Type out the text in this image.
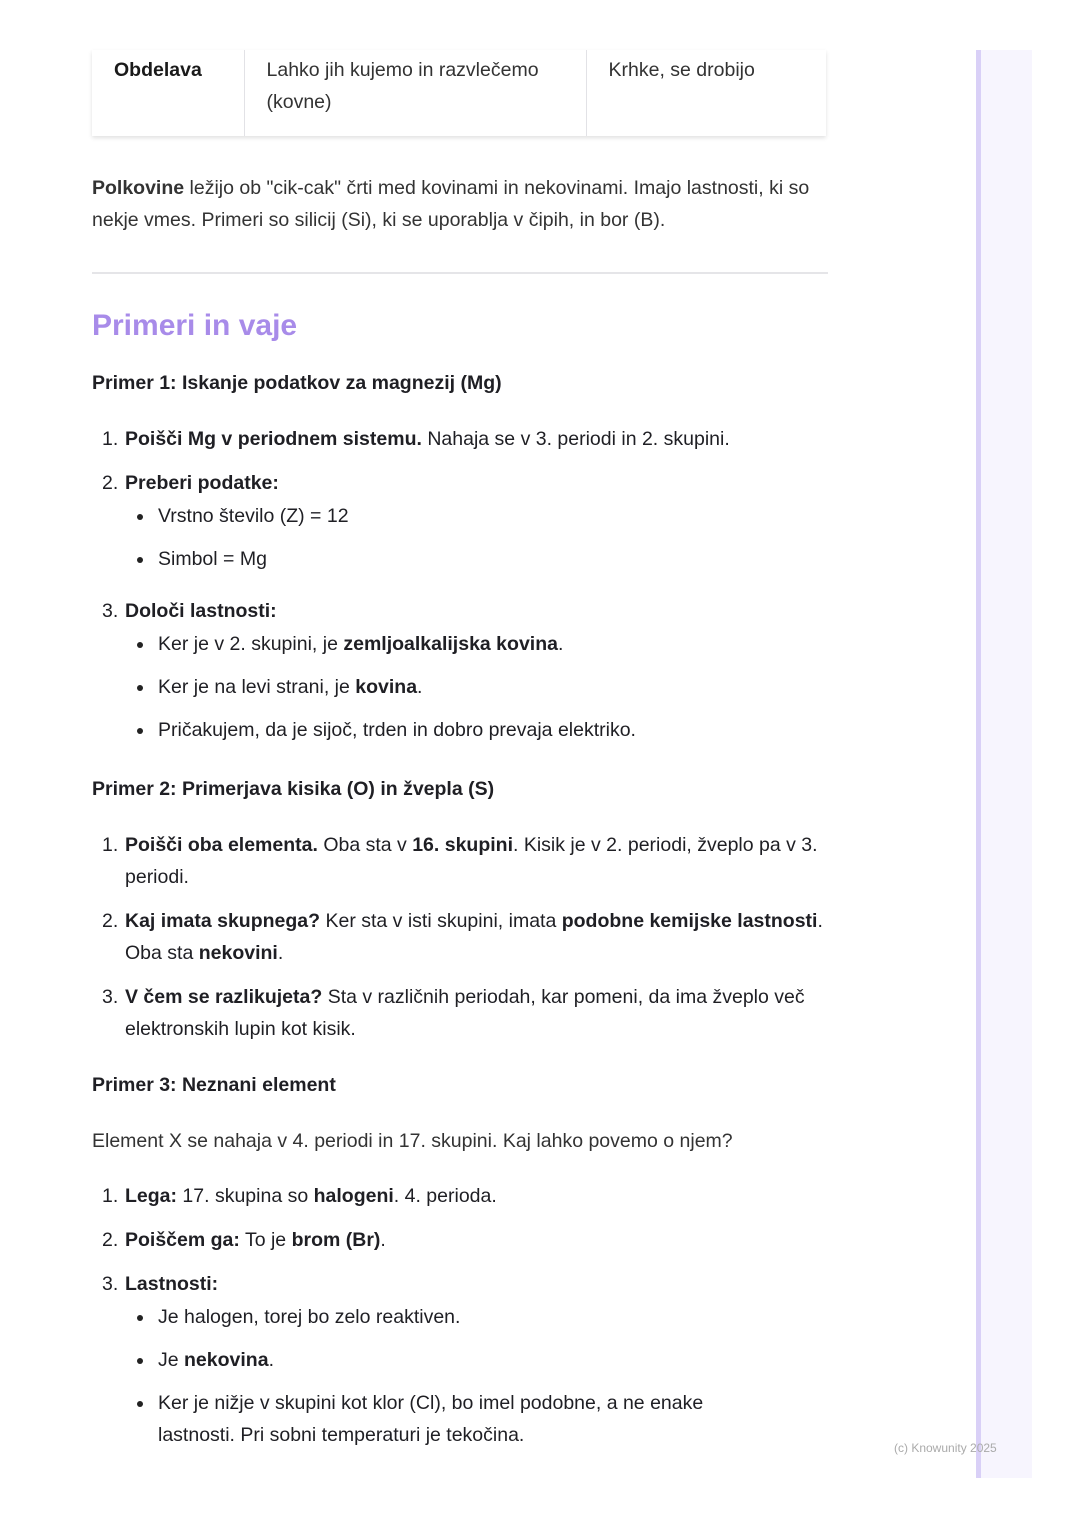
(c) Knowunity 2025
Obdelava	Lahko jih kujemo in razvlečemo (kovne)	Krhke, se drobijo

Polkovine ležijo ob "cik-cak" črti med kovinami in nekovinami. Imajo lastnosti, ki so nekje vmes. Primeri so silicij (Si), ki se uporablja v čipih, in bor (B).

Primeri in vaje
Primer 1: Iskanje podatkov za magnezij (Mg)
1. Poišči Mg v periodnem sistemu. Nahaja se v 3. periodi in 2. skupini.
2. Preberi podatke:
Vrstno število (Z) = 12
Simbol = Mg
3. Določi lastnosti:
Ker je v 2. skupini, je zemljoalkalijska kovina.
Ker je na levi strani, je kovina.
Pričakujem, da je sijoč, trden in dobro prevaja elektriko.
Primer 2: Primerjava kisika (O) in žvepla (S)
1. Poišči oba elementa. Oba sta v 16. skupini. Kisik je v 2. periodi, žveplo pa v 3. periodi.
2. Kaj imata skupnega? Ker sta v isti skupini, imata podobne kemijske lastnosti. Oba sta nekovini.
3. V čem se razlikujeta? Sta v različnih periodah, kar pomeni, da ima žveplo več elektronskih lupin kot kisik.
Primer 3: Neznani element

Element X se nahaja v 4. periodi in 17. skupini. Kaj lahko povemo o njem?

1. Lega: 17. skupina so halogeni. 4. perioda.
2. Poiščem ga: To je brom (Br).
3. Lastnosti:
Je halogen, torej bo zelo reaktiven.
Je nekovina.
Ker je nižje v skupini kot klor (Cl), bo imel podobne, a ne enake lastnosti. Pri sobni temperaturi je tekočina.
